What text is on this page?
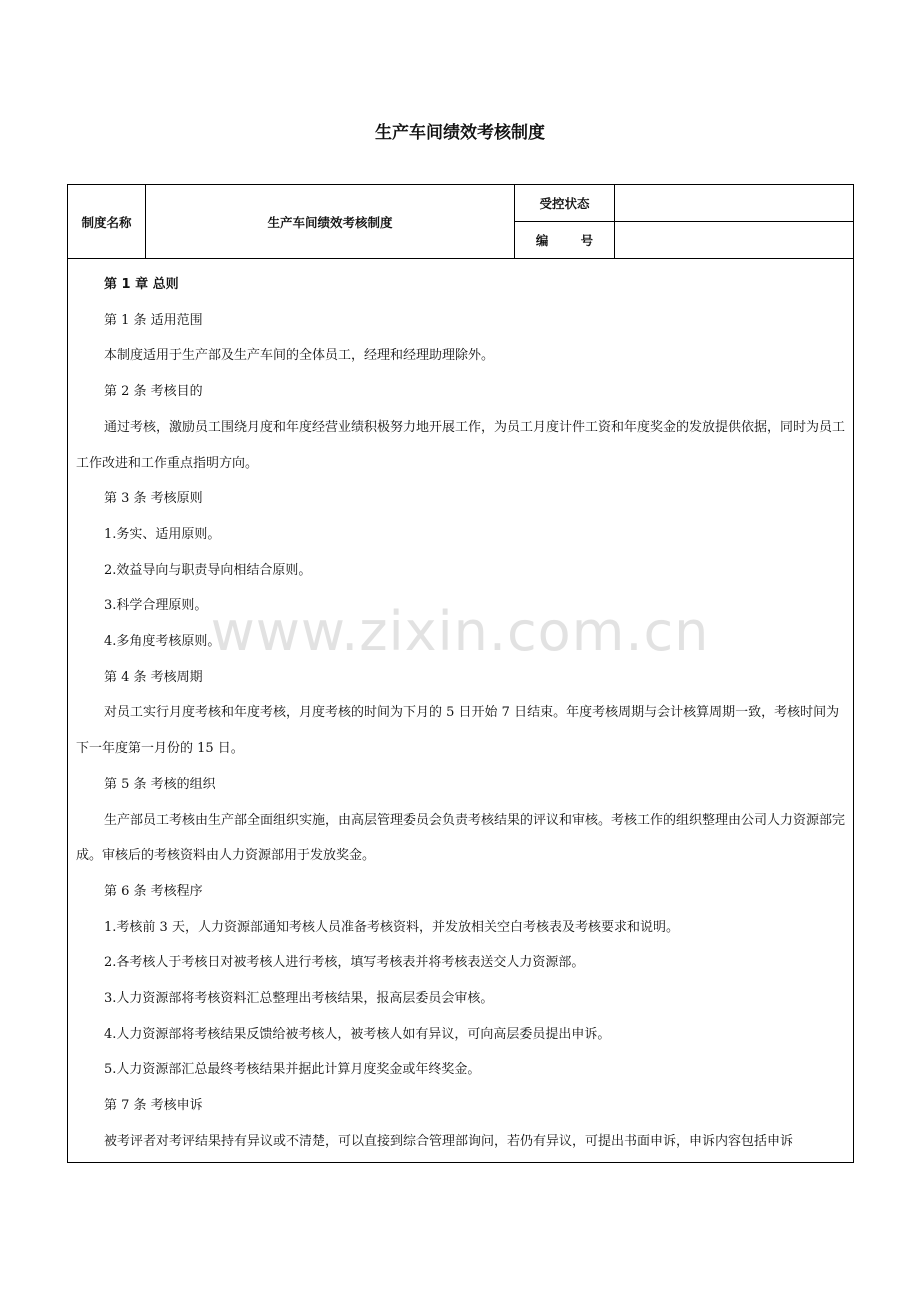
生产车间绩效考核制度
制度名称	生产车间绩效考核制度
受控状态
编 号

第 1 章 总则

第 1 条 适用范围

本制度适用于生产部及生产车间的全体员工，经理和经理助理除外。

第 2 条 考核目的

通过考核，激励员工围绕月度和年度经营业绩积极努力地开展工作，为员工月度计件工资和年度奖金的发放提供依据，同时为员工工作改进和工作重点指明方向。

第 3 条 考核原则

1.务实、适用原则。

2.效益导向与职责导向相结合原则。

3.科学合理原则。

4.多角度考核原则。

第 4 条 考核周期

对员工实行月度考核和年度考核，月度考核的时间为下月的 5 日开始 7 日结束。年度考核周期与会计核算周期一致，考核时间为下一年度第一月份的 15 日。

第 5 条 考核的组织

生产部员工考核由生产部全面组织实施，由高层管理委员会负责考核结果的评议和审核。考核工作的组织整理由公司人力资源部完成。审核后的考核资料由人力资源部用于发放奖金。

第 6 条 考核程序

1.考核前 3 天，人力资源部通知考核人员准备考核资料，并发放相关空白考核表及考核要求和说明。

2.各考核人于考核日对被考核人进行考核，填写考核表并将考核表送交人力资源部。

3.人力资源部将考核资料汇总整理出考核结果，报高层委员会审核。

4.人力资源部将考核结果反馈给被考核人，被考核人如有异议，可向高层委员提出申诉。

5.人力资源部汇总最终考核结果并据此计算月度奖金或年终奖金。

第 7 条 考核申诉

被考评者对考评结果持有异议或不清楚，可以直接到综合管理部询问，若仍有异议，可提出书面申诉，申诉内容包括申诉

www.zixin.com.cn
